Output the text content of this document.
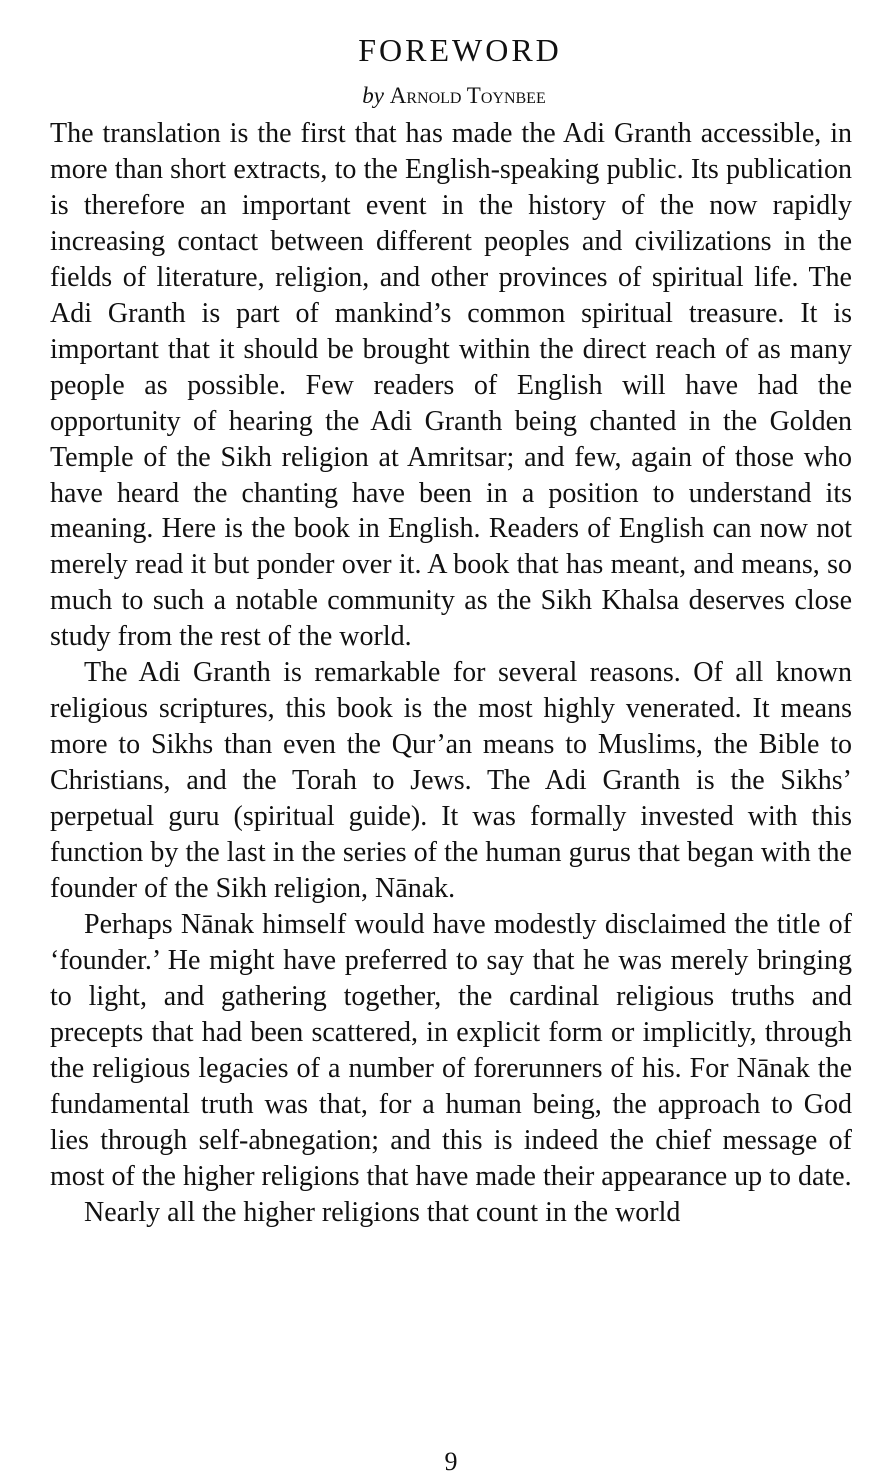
FOREWORD
by Arnold Toynbee

The translation is the first that has made the Adi Granth accessible, in more than short extracts, to the English-speaking public. Its publication is therefore an important event in the history of the now rapidly increasing contact between different peoples and civilizations in the fields of literature, religion, and other provinces of spiritual life. The Adi Granth is part of mankind’s common spiritual treasure. It is important that it should be brought within the direct reach of as many people as possible. Few readers of English will have had the opportunity of hearing the Adi Granth being chanted in the Golden Temple of the Sikh religion at Amritsar; and few, again of those who have heard the chanting have been in a position to understand its meaning. Here is the book in English. Readers of English can now not merely read it but ponder over it. A book that has meant, and means, so much to such a notable community as the Sikh Khalsa deserves close study from the rest of the world.

The Adi Granth is remarkable for several reasons. Of all known religious scriptures, this book is the most highly venerated. It means more to Sikhs than even the Qur’an means to Muslims, the Bible to Christians, and the Torah to Jews. The Adi Granth is the Sikhs’ perpetual guru (spiritual guide). It was formally invested with this function by the last in the series of the human gurus that began with the founder of the Sikh religion, Nānak.

Perhaps Nānak himself would have modestly disclaimed the title of ‘founder.’ He might have preferred to say that he was merely bringing to light, and gathering together, the cardinal religious truths and precepts that had been scattered, in explicit form or implicitly, through the religious legacies of a number of forerunners of his. For Nānak the fundamental truth was that, for a human being, the approach to God lies through self-abnegation; and this is indeed the chief message of most of the higher religions that have made their appearance up to date.

Nearly all the higher religions that count in the world

9
